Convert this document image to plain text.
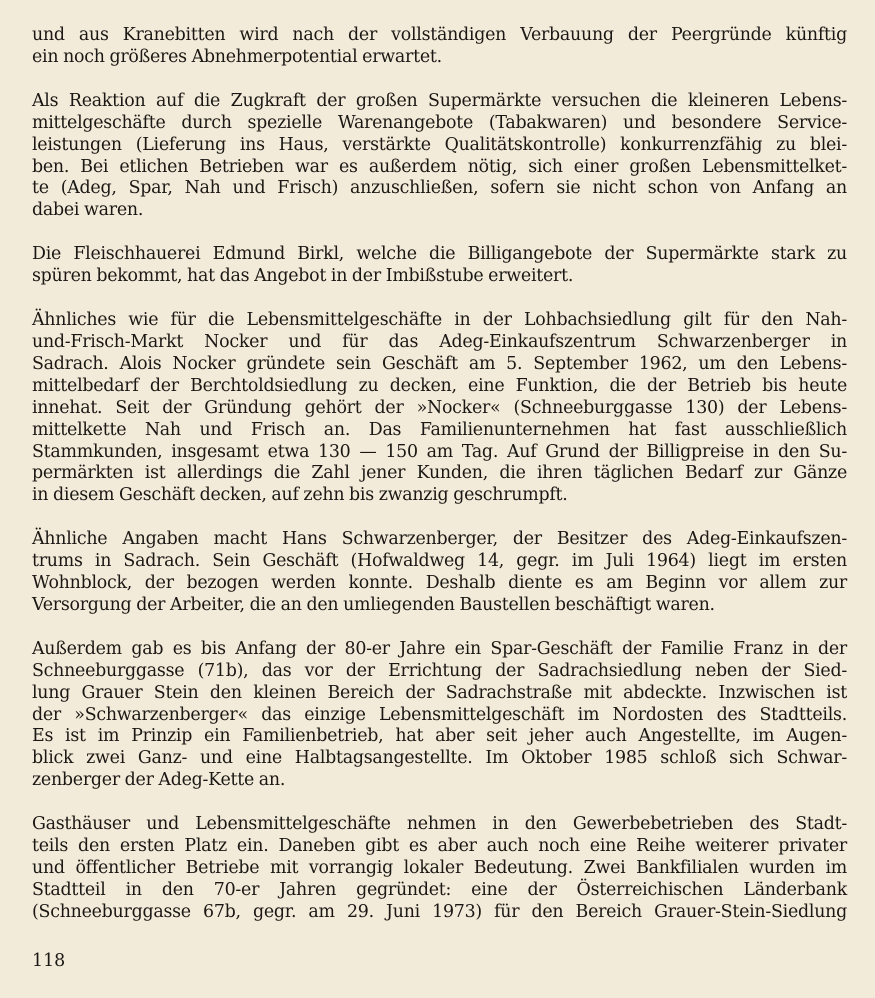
und aus Kranebitten wird nach der vollständigen Verbauung der Peergründe künftig
ein noch größeres Abnehmerpotential erwartet.

Als Reaktion auf die Zugkraft der großen Supermärkte versuchen die kleineren Lebens-
mittelgeschäfte durch spezielle Warenangebote (Tabakwaren) und besondere Service-
leistungen (Lieferung ins Haus, verstärkte Qualitätskontrolle) konkurrenzfähig zu blei-
ben. Bei etlichen Betrieben war es außerdem nötig, sich einer großen Lebensmittelket-
te (Adeg, Spar, Nah und Frisch) anzuschließen, sofern sie nicht schon von Anfang an
dabei waren.

Die Fleischhauerei Edmund Birkl, welche die Billigangebote der Supermärkte stark zu
spüren bekommt, hat das Angebot in der Imbißstube erweitert.

Ähnliches wie für die Lebensmittelgeschäfte in der Lohbachsiedlung gilt für den Nah-
und-Frisch-Markt Nocker und für das Adeg-Einkaufszentrum Schwarzenberger in
Sadrach. Alois Nocker gründete sein Geschäft am 5. September 1962, um den Lebens-
mittelbedarf der Berchtoldsiedlung zu decken, eine Funktion, die der Betrieb bis heute
innehat. Seit der Gründung gehört der »Nocker« (Schneeburggasse 130) der Lebens-
mittelkette Nah und Frisch an. Das Familienunternehmen hat fast ausschließlich
Stammkunden, insgesamt etwa 130 — 150 am Tag. Auf Grund der Billigpreise in den Su-
permärkten ist allerdings die Zahl jener Kunden, die ihren täglichen Bedarf zur Gänze
in diesem Geschäft decken, auf zehn bis zwanzig geschrumpft.

Ähnliche Angaben macht Hans Schwarzenberger, der Besitzer des Adeg-Einkaufszen-
trums in Sadrach. Sein Geschäft (Hofwaldweg 14, gegr. im Juli 1964) liegt im ersten
Wohnblock, der bezogen werden konnte. Deshalb diente es am Beginn vor allem zur
Versorgung der Arbeiter, die an den umliegenden Baustellen beschäftigt waren.

Außerdem gab es bis Anfang der 80-er Jahre ein Spar-Geschäft der Familie Franz in der
Schneeburggasse (71b), das vor der Errichtung der Sadrachsiedlung neben der Sied-
lung Grauer Stein den kleinen Bereich der Sadrachstraße mit abdeckte. Inzwischen ist
der »Schwarzenberger« das einzige Lebensmittelgeschäft im Nordosten des Stadtteils.
Es ist im Prinzip ein Familienbetrieb, hat aber seit jeher auch Angestellte, im Augen-
blick zwei Ganz- und eine Halbtagsangestellte. Im Oktober 1985 schloß sich Schwar-
zenberger der Adeg-Kette an.

Gasthäuser und Lebensmittelgeschäfte nehmen in den Gewerbebetrieben des Stadt-
teils den ersten Platz ein. Daneben gibt es aber auch noch eine Reihe weiterer privater
und öffentlicher Betriebe mit vorrangig lokaler Bedeutung. Zwei Bankfilialen wurden im
Stadtteil in den 70-er Jahren gegründet: eine der Österreichischen Länderbank
(Schneeburggasse 67b, gegr. am 29. Juni 1973) für den Bereich Grauer-Stein-Siedlung

118
